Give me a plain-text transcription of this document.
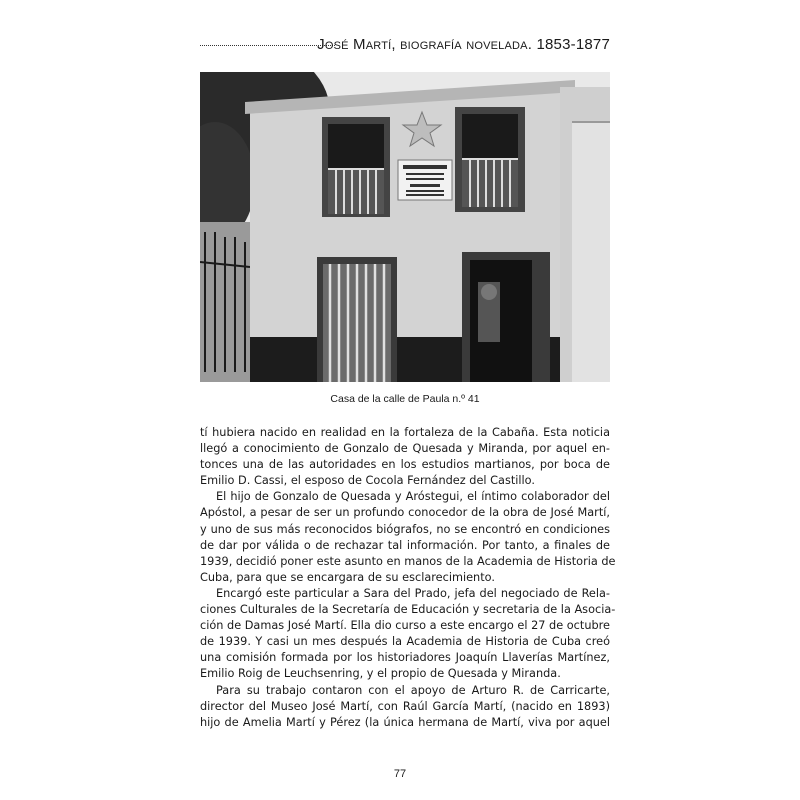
José Martí, biografía novelada. 1853-1877
Casa de la calle de Paula n.º 41
tí hubiera nacido en realidad en la fortaleza de la Cabaña. Esta noticia
llegó a conocimiento de Gonzalo de Quesada y Miranda, por aquel en-
tonces una de las autoridades en los estudios martianos, por boca de
Emilio D. Cassi, el esposo de Cocola Fernández del Castillo.
El hijo de Gonzalo de Quesada y Aróstegui, el íntimo colaborador del
Apóstol, a pesar de ser un profundo conocedor de la obra de José Martí,
y uno de sus más reconocidos biógrafos, no se encontró en condiciones
de dar por válida o de rechazar tal información. Por tanto, a finales de
1939, decidió poner este asunto en manos de la Academia de Historia de
Cuba, para que se encargara de su esclarecimiento.
Encargó este particular a Sara del Prado, jefa del negociado de Rela-
ciones Culturales de la Secretaría de Educación y secretaria de la Asocia-
ción de Damas José Martí. Ella dio curso a este encargo el 27 de octubre
de 1939. Y casi un mes después la Academia de Historia de Cuba creó
una comisión formada por los historiadores Joaquín Llaverías Martínez,
Emilio Roig de Leuchsenring, y el propio de Quesada y Miranda.
Para su trabajo contaron con el apoyo de Arturo R. de Carricarte,
director del Museo José Martí, con Raúl García Martí, (nacido en 1893)
hijo de Amelia Martí y Pérez (la única hermana de Martí, viva por aquel
77
